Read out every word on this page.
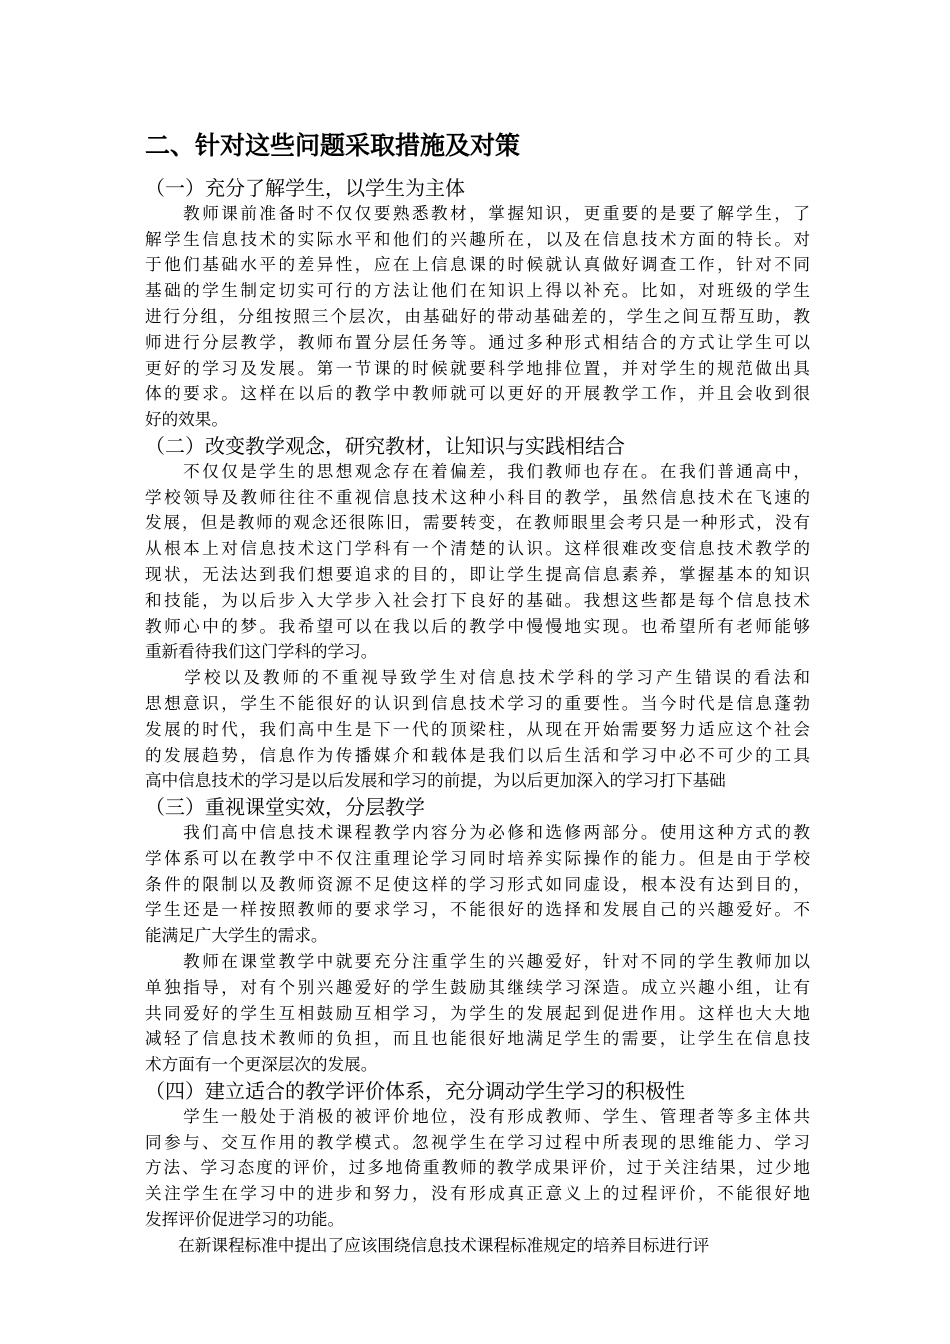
二、针对这些问题采取措施及对策
（一）充分了解学生，以学生为主体
　　教师课前准备时不仅仅要熟悉教材，掌握知识，更重要的是要了解学生，了
解学生信息技术的实际水平和他们的兴趣所在，以及在信息技术方面的特长。对
于他们基础水平的差异性，应在上信息课的时候就认真做好调查工作，针对不同
基础的学生制定切实可行的方法让他们在知识上得以补充。比如，对班级的学生
进行分组，分组按照三个层次，由基础好的带动基础差的，学生之间互帮互助，教
师进行分层教学，教师布置分层任务等。通过多种形式相结合的方式让学生可以
更好的学习及发展。第一节课的时候就要科学地排位置，并对学生的规范做出具
体的要求。这样在以后的教学中教师就可以更好的开展教学工作，并且会收到很
好的效果。
（二）改变教学观念，研究教材，让知识与实践相结合
　　不仅仅是学生的思想观念存在着偏差，我们教师也存在。在我们普通高中，
学校领导及教师往往不重视信息技术这种小科目的教学，虽然信息技术在飞速的
发展，但是教师的观念还很陈旧，需要转变，在教师眼里会考只是一种形式，没有
从根本上对信息技术这门学科有一个清楚的认识。这样很难改变信息技术教学的
现状，无法达到我们想要追求的目的，即让学生提高信息素养，掌握基本的知识
和技能，为以后步入大学步入社会打下良好的基础。我想这些都是每个信息技术
教师心中的梦。我希望可以在我以后的教学中慢慢地实现。也希望所有老师能够
重新看待我们这门学科的学习。
　　学校以及教师的不重视导致学生对信息技术学科的学习产生错误的看法和
思想意识，学生不能很好的认识到信息技术学习的重要性。当今时代是信息蓬勃
发展的时代，我们高中生是下一代的顶梁柱，从现在开始需要努力适应这个社会
的发展趋势，信息作为传播媒介和载体是我们以后生活和学习中必不可少的工具
高中信息技术的学习是以后发展和学习的前提，为以后更加深入的学习打下基础
（三）重视课堂实效，分层教学
　　我们高中信息技术课程教学内容分为必修和选修两部分。使用这种方式的教
学体系可以在教学中不仅注重理论学习同时培养实际操作的能力。但是由于学校
条件的限制以及教师资源不足使这样的学习形式如同虚设，根本没有达到目的，
学生还是一样按照教师的要求学习，不能很好的选择和发展自己的兴趣爱好。不
能满足广大学生的需求。
　　教师在课堂教学中就要充分注重学生的兴趣爱好，针对不同的学生教师加以
单独指导，对有个别兴趣爱好的学生鼓励其继续学习深造。成立兴趣小组，让有
共同爱好的学生互相鼓励互相学习，为学生的发展起到促进作用。这样也大大地
减轻了信息技术教师的负担，而且也能很好地满足学生的需要，让学生在信息技
术方面有一个更深层次的发展。
（四）建立适合的教学评价体系，充分调动学生学习的积极性
　　学生一般处于消极的被评价地位，没有形成教师、学生、管理者等多主体共
同参与、交互作用的教学模式。忽视学生在学习过程中所表现的思维能力、学习
方法、学习态度的评价，过多地倚重教师的教学成果评价，过于关注结果，过少地
关注学生在学习中的进步和努力，没有形成真正意义上的过程评价，不能很好地
发挥评价促进学习的功能。
　　在新课程标准中提出了应该围绕信息技术课程标准规定的培养目标进行评
